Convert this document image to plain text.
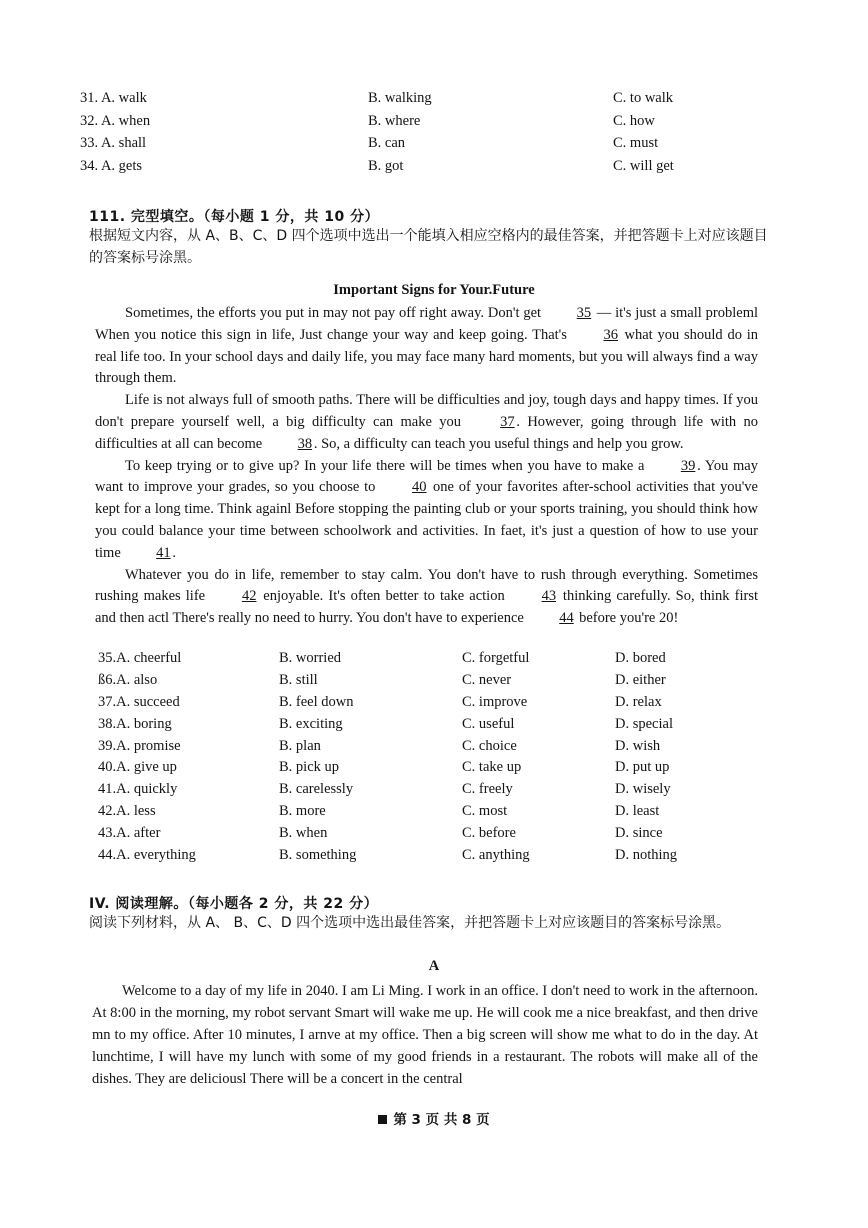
31. A. walk	B. walking	C. to walk
32. A. when	B. where	C. how
33. A. shall	B. can	C. must
34. A. gets	B. got	C. will get
111. 完型填空。（每小题 1 分，共 10 分）
根据短文内容，从 A、B、C、D 四个选项中选出一个能填入相应空格内的最佳答案，并把答题卡上对应该题目的答案标号涂黑。
Important Signs for Your.Future

Sometimes, the efforts you put in may not pay off right away. Don't get 35 — it's just a small probleml When you notice this sign in life, Just change your way and keep going. That's 36 what you should do in real life too. In your school days and daily life, you may face many hard moments, but you will always find a way through them.

Life is not always full of smooth paths. There will be difficulties and joy, tough days and happy times. If you don't prepare yourself well, a big difficulty can make you 37 . However, going through life with no difficulties at all can become 38 . So, a difficulty can teach you useful things and help you grow.

To keep trying or to give up? In your life there will be times when you have to make a 39 . You may want to improve your grades, so you choose to 40 one of your favorites after-school activities that you've kept for a long time. Think againl Before stopping the painting club or your sports training, you should think how you could balance your time between schoolwork and activities. In faet, it's just a question of how to use your time 41 .

Whatever you do in life, remember to stay calm. You don't have to rush through everything. Sometimes rushing makes life 42 enjoyable. It's often better to take action 43 thinking carefully. So, think first and then actl There's really no need to hurry. You don't have to experience 44 before you're 20!

35.A. cheerful	B. worried	C. forgetful	D. bored
ß6.A. also	B. still	C. never	D. either
37.A. succeed	B. feel down	C. improve	D. relax
38.A. boring	B. exciting	C. useful	D. special
39.A. promise	B. plan	C. choice	D. wish
40.A. give up	B. pick up	C. take up	D. put up
41.A. quickly	B. carelessly	C. freely	D. wisely
42.A. less	B. more	C. most	D. least
43.A. after	B. when	C. before	D. since
44.A. everything	B. something	C. anything	D. nothing
IV. 阅读理解。（每小题各 2 分，共 22 分）
阅读下列材料，从 A、 B、C、D 四个选项中选出最佳答案，并把答题卡上对应该题目的答案标号涂黑。
A

Welcome to a day of my life in 2040. I am Li Ming. I work in an office. I don't need to work in the afternoon. At 8:00 in the morning, my robot servant Smart will wake me up. He will cook me a nice breakfast, and then drive mn to my office. After 10 minutes, I arnve at my office. Then a big screen will show me what to do in the day. At lunchtime, I will have my lunch with some of my good friends in a restaurant. The robots will make all of the dishes. They are deliciousl There will be a concert in the central

第 3 页 共 8 页
